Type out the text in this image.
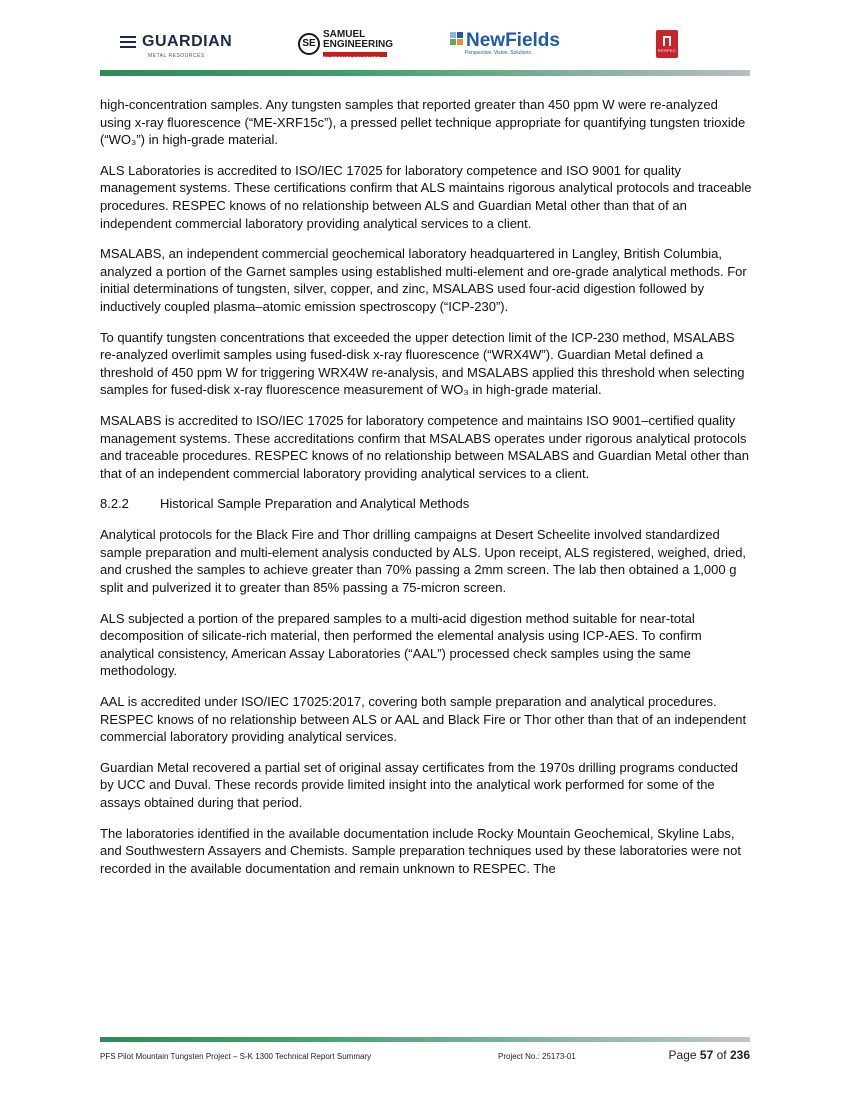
GUARDIAN
METAL RESOURCES
SE
SAMUEL
ENGINEERING
WE PROVIDE SOLUTIONS
NewFields
Perspective. Vision. Solutions.	RESPEC

high-concentration samples. Any tungsten samples that reported greater than 450 ppm W were re-analyzed using x-ray fluorescence (“ME-XRF15c”), a pressed pellet technique appropriate for quantifying tungsten trioxide (“WO₃”) in high-grade material.

ALS Laboratories is accredited to ISO/IEC 17025 for laboratory competence and ISO 9001 for quality management systems. These certifications confirm that ALS maintains rigorous analytical protocols and traceable procedures. RESPEC knows of no relationship between ALS and Guardian Metal other than that of an independent commercial laboratory providing analytical services to a client.

MSALABS, an independent commercial geochemical laboratory headquartered in Langley, British Columbia, analyzed a portion of the Garnet samples using established multi-element and ore-grade analytical methods. For initial determinations of tungsten, silver, copper, and zinc, MSALABS used four-acid digestion followed by inductively coupled plasma–atomic emission spectroscopy (“ICP-230”).

To quantify tungsten concentrations that exceeded the upper detection limit of the ICP-230 method, MSALABS re-analyzed overlimit samples using fused-disk x-ray fluorescence (“WRX4W”). Guardian Metal defined a threshold of 450 ppm W for triggering WRX4W re-analysis, and MSALABS applied this threshold when selecting samples for fused-disk x-ray fluorescence measurement of WO₃ in high-grade material.

MSALABS is accredited to ISO/IEC 17025 for laboratory competence and maintains ISO 9001–certified quality management systems. These accreditations confirm that MSALABS operates under rigorous analytical protocols and traceable procedures. RESPEC knows of no relationship between MSALABS and Guardian Metal other than that of an independent commercial laboratory providing analytical services to a client.

8.2.2	Historical Sample Preparation and Analytical Methods

Analytical protocols for the Black Fire and Thor drilling campaigns at Desert Scheelite involved standardized sample preparation and multi-element analysis conducted by ALS. Upon receipt, ALS registered, weighed, dried, and crushed the samples to achieve greater than 70% passing a 2mm screen. The lab then obtained a 1,000 g split and pulverized it to greater than 85% passing a 75-micron screen.

ALS subjected a portion of the prepared samples to a multi-acid digestion method suitable for near-total decomposition of silicate-rich material, then performed the elemental analysis using ICP-AES. To confirm analytical consistency, American Assay Laboratories (“AAL”) processed check samples using the same methodology.

AAL is accredited under ISO/IEC 17025:2017, covering both sample preparation and analytical procedures. RESPEC knows of no relationship between ALS or AAL and Black Fire or Thor other than that of an independent commercial laboratory providing analytical services.

Guardian Metal recovered a partial set of original assay certificates from the 1970s drilling programs conducted by UCC and Duval. These records provide limited insight into the analytical work performed for some of the assays obtained during that period.

The laboratories identified in the available documentation include Rocky Mountain Geochemical, Skyline Labs, and Southwestern Assayers and Chemists. Sample preparation techniques used by these laboratories were not recorded in the available documentation and remain unknown to RESPEC. The

PFS Pilot Mountain Tungsten Project – S-K 1300 Technical Report Summary	Project No.: 25173-01	Page 57 of 236
